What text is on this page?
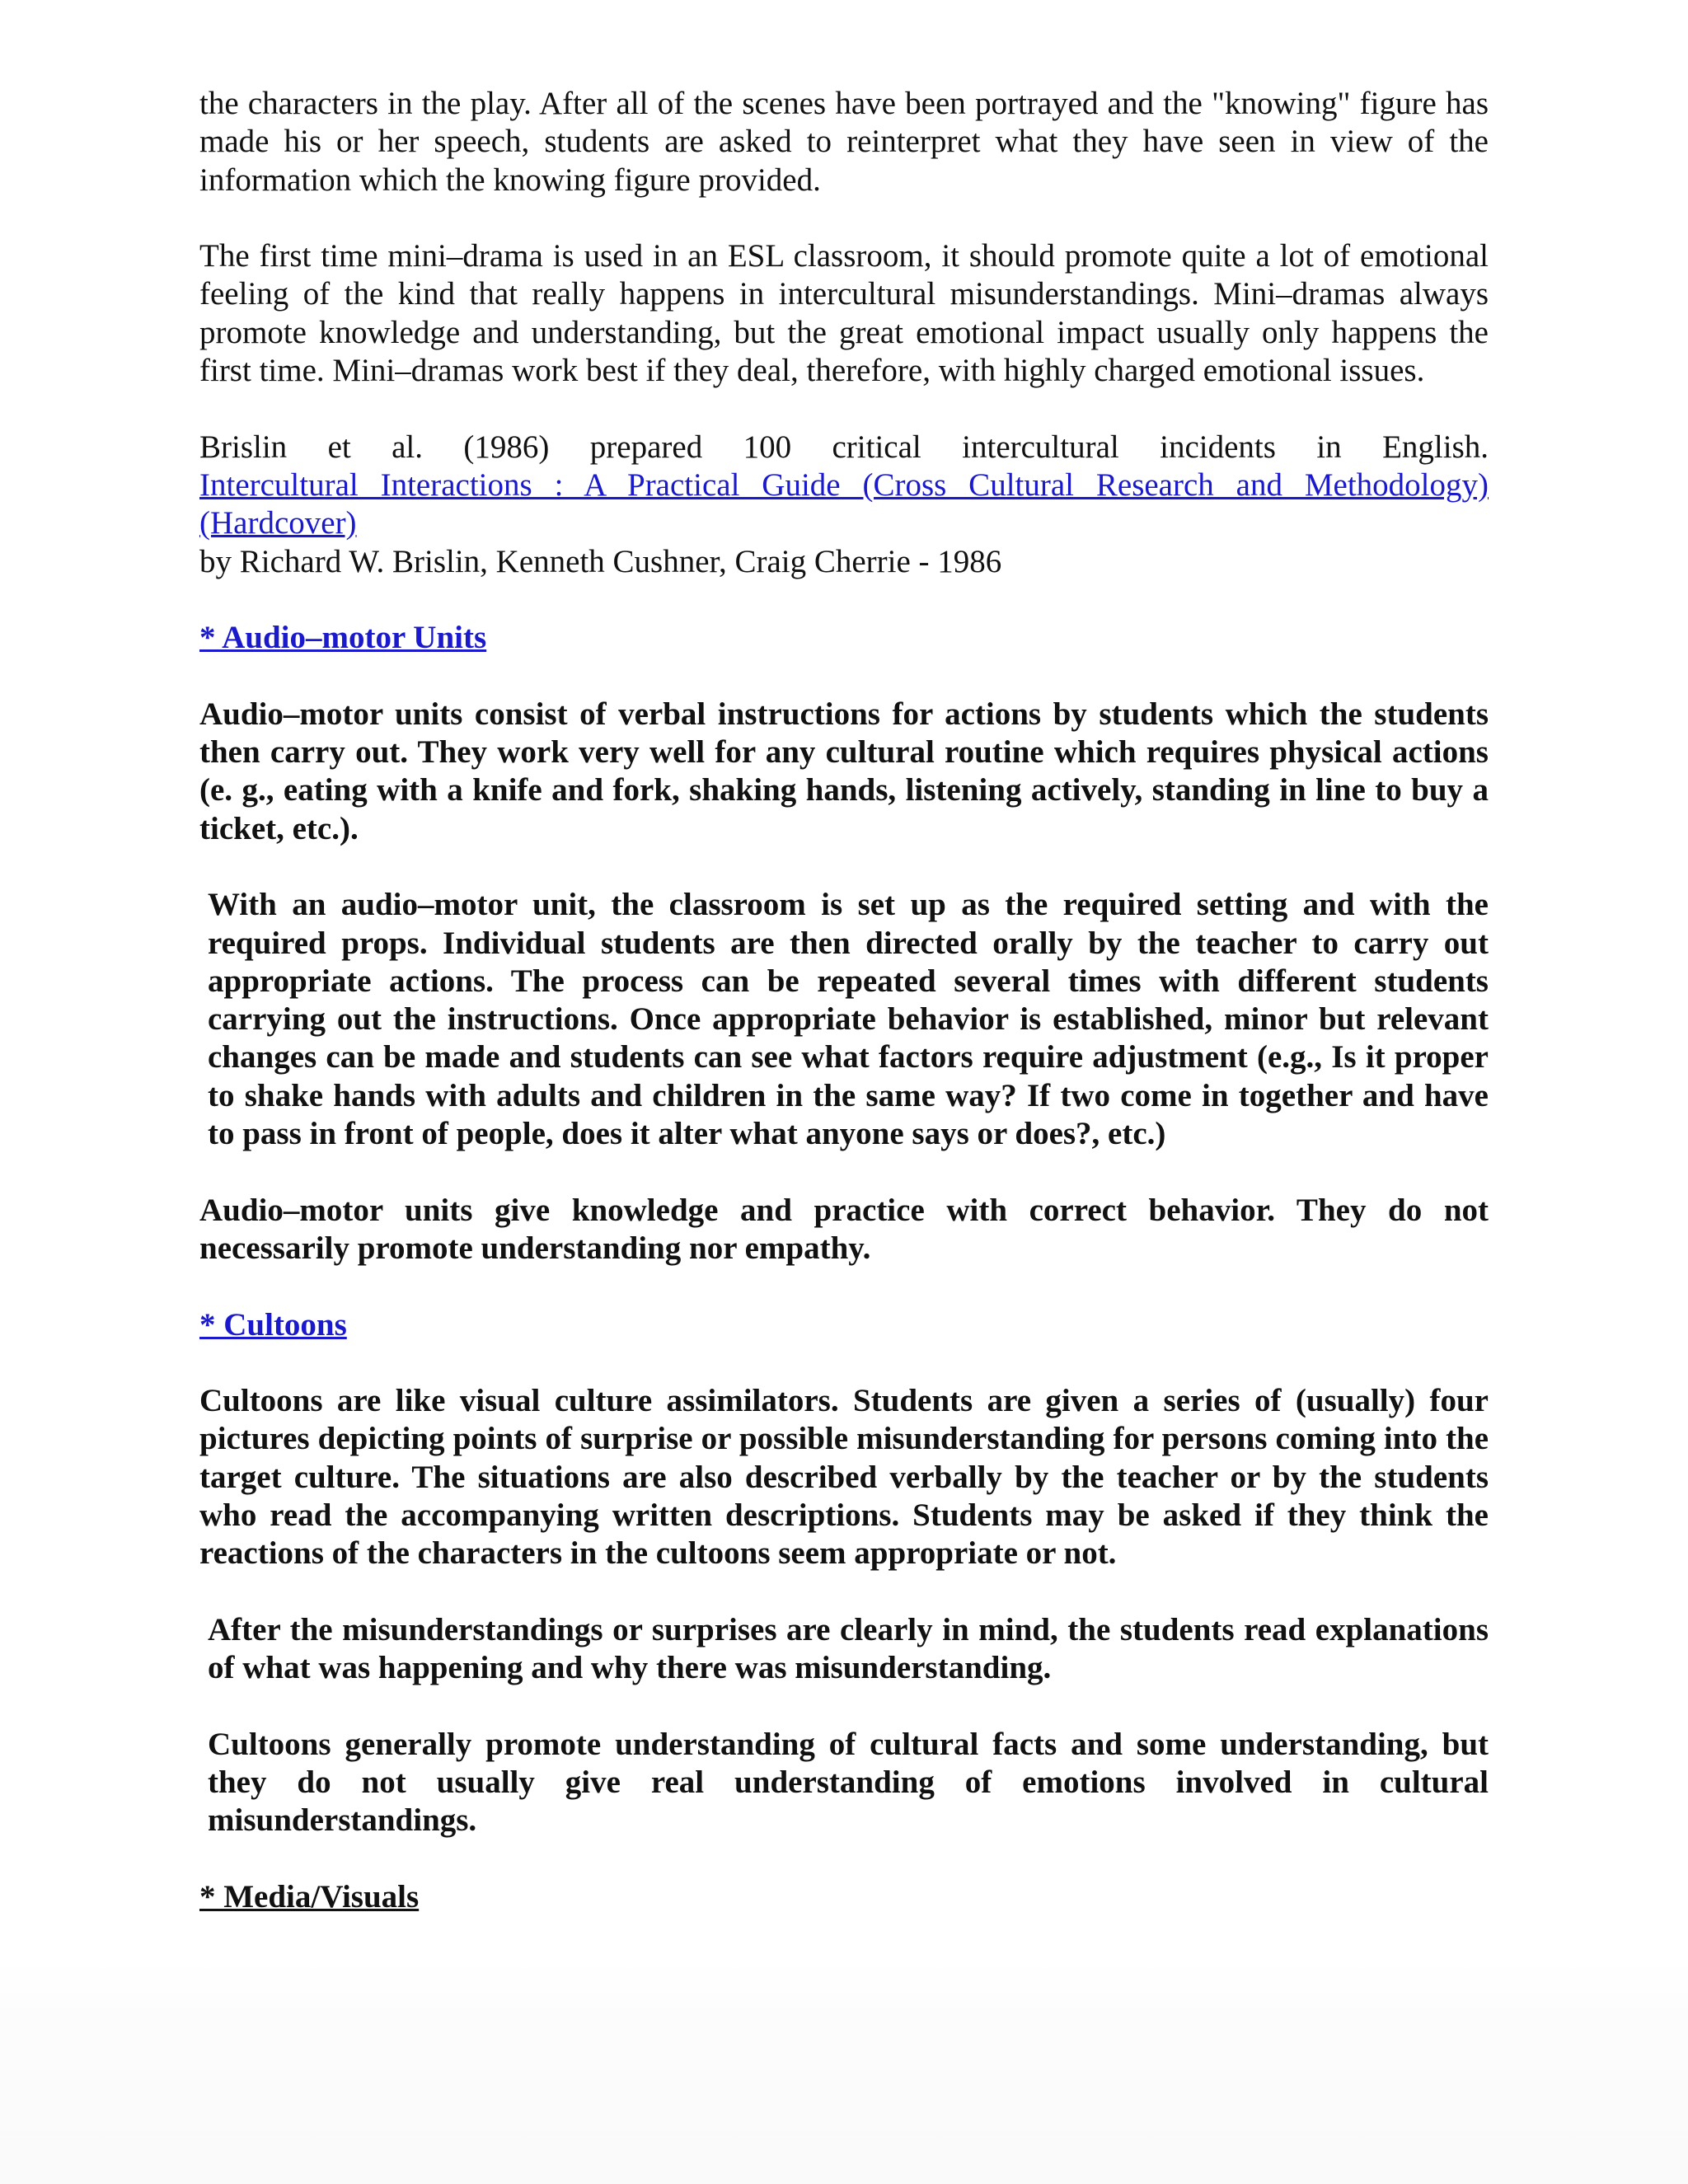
the characters in the play. After all of the scenes have been portrayed and the "knowing" figure has made his or her speech, students are asked to reinterpret what they have seen in view of the information which the knowing figure provided.

The first time mini–drama is used in an ESL classroom, it should promote quite a lot of emotional feeling of the kind that really happens in intercultural misunderstandings. Mini–dramas always promote knowledge and understanding, but the great emotional impact usually only happens the first time. Mini–dramas work best if they deal, therefore, with highly charged emotional issues.

Brislin et al. (1986) prepared 100 critical intercultural incidents in English.
Intercultural Interactions : A Practical Guide (Cross Cultural Research and Methodology)
(Hardcover)
by Richard W. Brislin, Kenneth Cushner, Craig Cherrie - 1986

* Audio–motor Units

Audio–motor units consist of verbal instructions for actions by students which the students then carry out. They work very well for any cultural routine which requires physical actions (e. g., eating with a knife and fork, shaking hands, listening actively, standing in line to buy a ticket, etc.).

With an audio–motor unit, the classroom is set up as the required setting and with the required props. Individual students are then directed orally by the teacher to carry out appropriate actions. The process can be repeated several times with different students carrying out the instructions. Once appropriate behavior is established, minor but relevant changes can be made and students can see what factors require adjustment (e.g., Is it proper to shake hands with adults and children in the same way? If two come in together and have to pass in front of people, does it alter what anyone says or does?, etc.)

Audio–motor units give knowledge and practice with correct behavior. They do not necessarily promote understanding nor empathy.

* Cultoons

Cultoons are like visual culture assimilators. Students are given a series of (usually) four pictures depicting points of surprise or possible misunderstanding for persons coming into the target culture. The situations are also described verbally by the teacher or by the students who read the accompanying written descriptions. Students may be asked if they think the reactions of the characters in the cultoons seem appropriate or not.

After the misunderstandings or surprises are clearly in mind, the students read explanations of what was happening and why there was misunderstanding.

Cultoons generally promote understanding of cultural facts and some understanding, but they do not usually give real understanding of emotions involved in cultural misunderstandings.

* Media/Visuals
